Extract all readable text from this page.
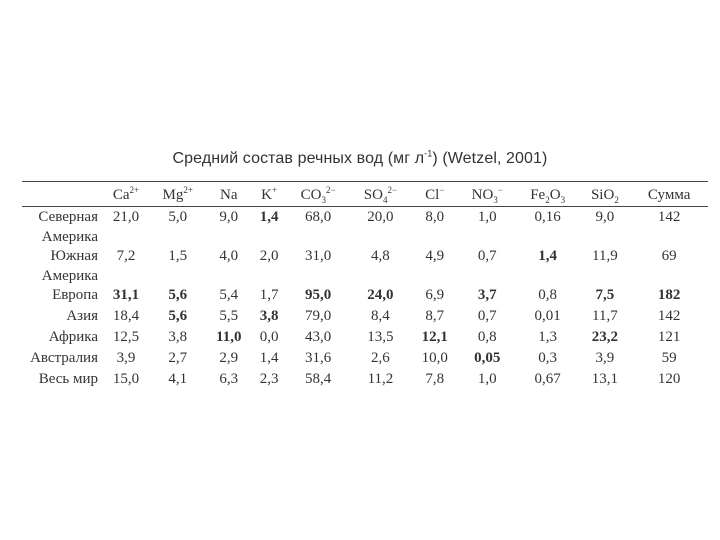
Средний состав речных вод (мг $л^{-1}$) (Wetzel, 2001)
	$Ca^{2+}$	$Mg^{2+}$	Na	K+	$CO_3^{2-}$	$SO_4^{2-}$	Cl−	$NO_3^-$	$Fe_2O_3$	SiO$_2$	Сумма
Северная	21,0	5,0	9,0	1,4	68,0	20,0	8,0	1,0	0,16	9,0	142
Америка											
Южная	7,2	1,5	4,0	2,0	31,0	4,8	4,9	0,7	1,4	11,9	69
Америка											
Европа	31,1	5,6	5,4	1,7	95,0	24,0	6,9	3,7	0,8	7,5	182
Азия	18,4	5,6	5,5	3,8	79,0	8,4	8,7	0,7	0,01	11,7	142
Африка	12,5	3,8	11,0	0,0	43,0	13,5	12,1	0,8	1,3	23,2	121
Австралия	3,9	2,7	2,9	1,4	31,6	2,6	10,0	0,05	0,3	3,9	59
Весь мир	15,0	4,1	6,3	2,3	58,4	11,2	7,8	1,0	0,67	13,1	120
